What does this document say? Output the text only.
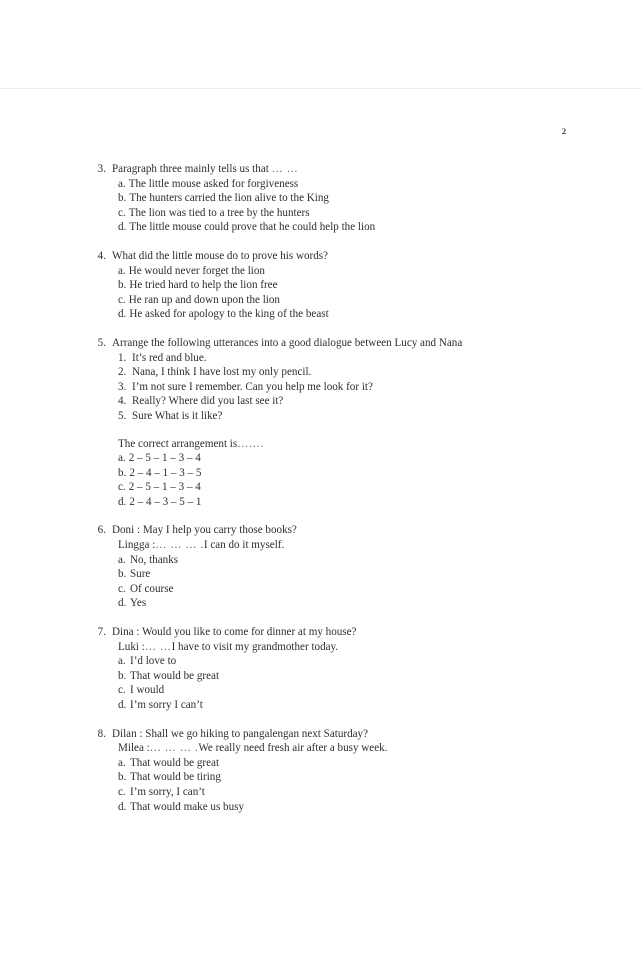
2
3. Paragraph three mainly tells us that … …
a. The little mouse asked for forgiveness
b. The hunters carried the lion alive to the King
c. The lion was tied to a tree by the hunters
d. The little mouse could prove that he could help the lion
4. What did the little mouse do to prove his words?
a. He would never forget the lion
b. He tried hard to help the lion free
c. He ran up and down upon the lion
d. He asked for apology to the king of the beast
5. Arrange the following utterances into a good dialogue between Lucy and Nana
1. It’s red and blue.
2. Nana, I think I have lost my only pencil.
3. I’m not sure I remember. Can you help me look for it?
4. Really? Where did you last see it?
5. Sure What is it like?
The correct arrangement is…….
a. 2 – 5 – 1 – 3 – 4
b. 2 – 4 – 1 – 3 – 5
c. 2 – 5 – 1 – 3 – 4
d. 2 – 4 – 3 – 5 – 1
6. Doni : May I help you carry those books?
Lingga : … … … . I can do it myself.
a. No, thanks
b. Sure
c. Of course
d. Yes
7. Dina : Would you like to come for dinner at my house?
Luki : … … I have to visit my grandmother today.
a. I’d love to
b. That would be great
c. I would
d. I’m sorry I can’t
8. Dilan : Shall we go hiking to pangalengan next Saturday?
Milea : … … … . We really need fresh air after a busy week.
a. That would be great
b. That would be tiring
c. I’m sorry, I can’t
d. That would make us busy
